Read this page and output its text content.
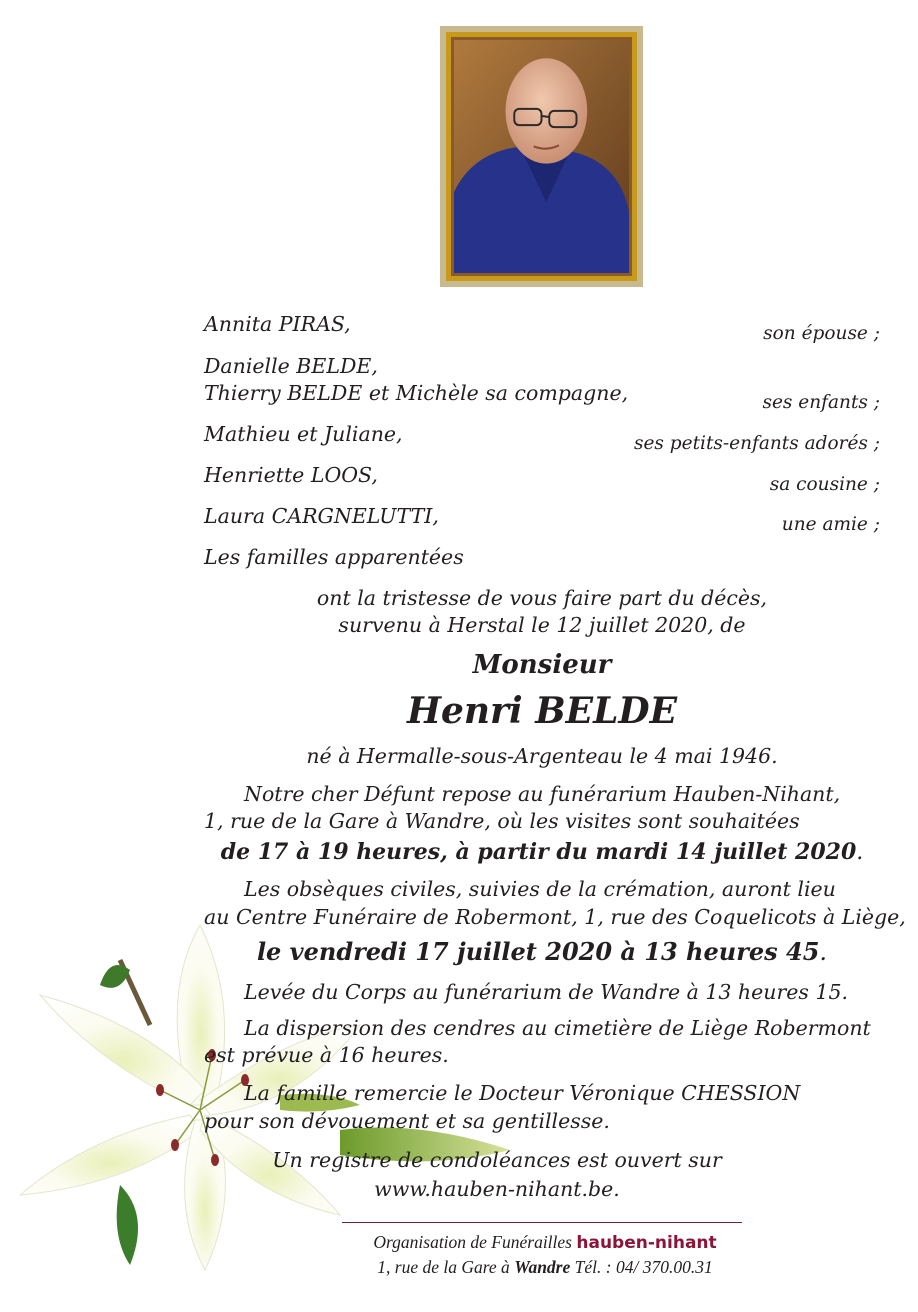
Annita PIRAS,	son épouse ;
Danielle BELDE,
Thierry BELDE et Michèle sa compagne,	ses enfants ;
Mathieu et Juliane,	ses petits-enfants adorés ;
Henriette LOOS,	sa cousine ;
Laura CARGNELUTTI,	une amie ;
Les familles apparentées
ont la tristesse de vous faire part du décès,
survenu à Herstal le 12 juillet 2020, de
Monsieur
Henri BELDE
né à Hermalle-sous-Argenteau le 4 mai 1946.
Notre cher Défunt repose au funérarium Hauben-Nihant,
1, rue de la Gare à Wandre, où les visites sont souhaitées
de 17 à 19 heures, à partir du mardi 14 juillet 2020.
Les obsèques civiles, suivies de la crémation, auront lieu
au Centre Funéraire de Robermont, 1, rue des Coquelicots à Liège,
le vendredi 17 juillet 2020 à 13 heures 45.
Levée du Corps au funérarium de Wandre à 13 heures 15.
La dispersion des cendres au cimetière de Liège Robermont
est prévue à 16 heures.
La famille remercie le Docteur Véronique CHESSION
pour son dévouement et sa gentillesse.
Un registre de condoléances est ouvert sur
www.hauben-nihant.be.
Organisation de Funérailles hauben-nihant
1, rue de la Gare à Wandre Tél. : 04/ 370.00.31
